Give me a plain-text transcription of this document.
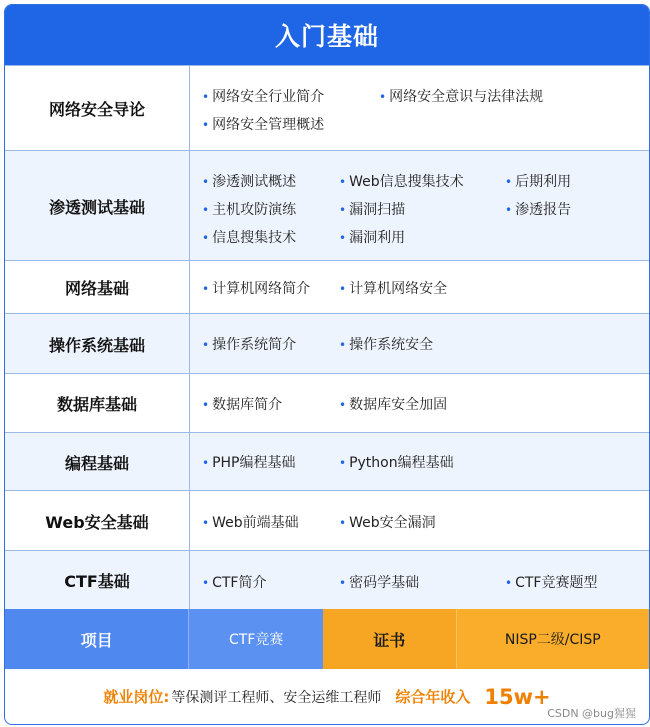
入门基础
网络安全导论
• 网络安全行业简介	• 网络安全意识与法律法规
• 网络安全管理概述
渗透测试基础
• 渗透测试概述	• Web信息搜集技术	• 后期利用
• 主机攻防演练	• 漏洞扫描	• 渗透报告
• 信息搜集技术	• 漏洞利用
网络基础	• 计算机网络简介 • 计算机网络安全
操作系统基础	• 操作系统简介	• 操作系统安全
数据库基础	• 数据库简介	• 数据库安全加固
编程基础	• PHP编程基础	• Python编程基础
Web安全基础	• Web前端基础	• Web安全漏洞
CTF基础	• CTF简介	• 密码学基础	• CTF竞赛题型
项目	CTF竞赛	证书	NISP二级/CISP
就业岗位: 等保测评工程师、安全运维工程师 综合年收入 15w+
CSDN @bug猩猩
